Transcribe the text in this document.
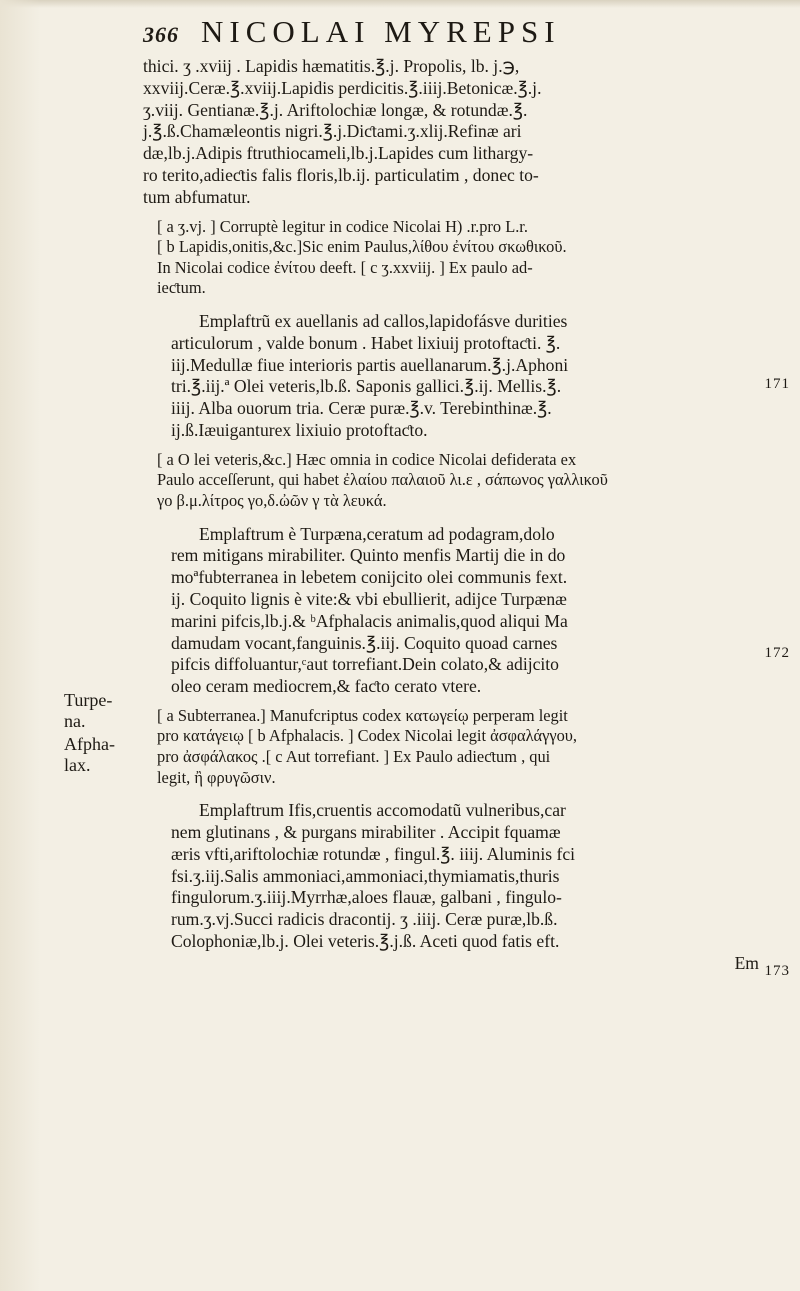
366 NICOLAI MYREPSI
thici. ʒ .xviij . Lapidis hæmatitis.℥.j. Propolis, lb. j.℈,
xxviij.Ceræ.℥.xviij.Lapidis perdicitis.℥.iiij.Betonicæ.℥.j.
ʒ.viij. Gentianæ.℥.j. Ariftolochiæ longæ, & rotundæ.℥.
j.℥.ß.Chamæleontis nigri.℥.j.Diƈtami.ʒ.xlij.Refinæ ari
dæ,lb.j.Adipis ftruthiocameli,lb.j.Lapides cum lithargy-
ro terito,adieƈtis falis floris,lb.ij. particulatim , donec to-
tum abfumatur.
[ a ʒ.vj. ] Corruptè legitur in codice Nicolai H) .r.pro L.r.
[ b Lapidis,onitis,&c.]Sic enim Paulus,λίθου ἐνίτου σκωθικοῦ.
In Nicolai codice ἐνίτου deeft. [ c ʒ.xxviij. ] Ex paulo ad-
ieƈtum.
Emplaftrũ ex auellanis ad callos,lapidofásve durities
articulorum , valde bonum . Habet lixiuij protoftaƈti. ℥.
iij.Medullæ fiue interioris partis auellanarum.℥.j.Aphoni
tri.℥.iij.ª Olei veteris,lb.ß. Saponis gallici.℥.ij. Mellis.℥.
iiij. Alba ouorum tria. Ceræ puræ.℥.v. Terebinthinæ.℥.
ij.ß.Iæuiganturex lixiuio protoftaƈto.
[ a O lei veteris,&c.] Hæc omnia in codice Nicolai defiderata ex
Paulo acceſſerunt, qui habet ἐλαίου παλαιοῦ λι.ε , σάπωνος γαλλικοῦ
γο β.μ.λίτρος γο,δ.ὠῶν γ τὰ λευκά.
Emplaftrum è Turpæna,ceratum ad podagram,dolo
rem mitigans mirabiliter. Quinto menfis Martij die in do
moªfubterranea in lebetem conijcito olei communis fext.
ij. Coquito lignis è vite:& vbi ebullierit, adijce Turpænæ
marini pifcis,lb.j.& ᵇAfphalacis animalis,quod aliqui Ma
damudam vocant,fanguinis.℥.iij. Coquito quoad carnes
pifcis diffoluantur,ᶜaut torrefiant.Dein colato,& adijcito
oleo ceram mediocrem,& faƈto cerato vtere.
[ a Subterranea.] Manufcriptus codex κατωγείῳ perperam legit
pro κατάγειῳ [ b Afphalacis. ] Codex Nicolai legit ἀσφαλάγγου,
pro ἀσφάλακος .[ c Aut torrefiant. ] Ex Paulo adieƈtum , qui
legit, ἢ φρυγῶσιν.
Emplaftrum Ifis,cruentis accomodatũ vulneribus,car
nem glutinans , & purgans mirabiliter . Accipit fquamæ
æris vfti,ariftolochiæ rotundæ , fingul.℥. iiij. Aluminis fci
fsi.ʒ.iij.Salis ammoniaci,ammoniaci,thymiamatis,thuris
fingulorum.ʒ.iiij.Myrrhæ,aloes flauæ, galbani , fingulo-
rum.ʒ.vj.Succi radicis dracontij. ʒ .iiij. Ceræ puræ,lb.ß.
Colophoniæ,lb.j. Olei veteris.℥.j.ß. Aceti quod fatis eft.
Em
171
172
173
Turpe-
na.
Afpha-
lax.
